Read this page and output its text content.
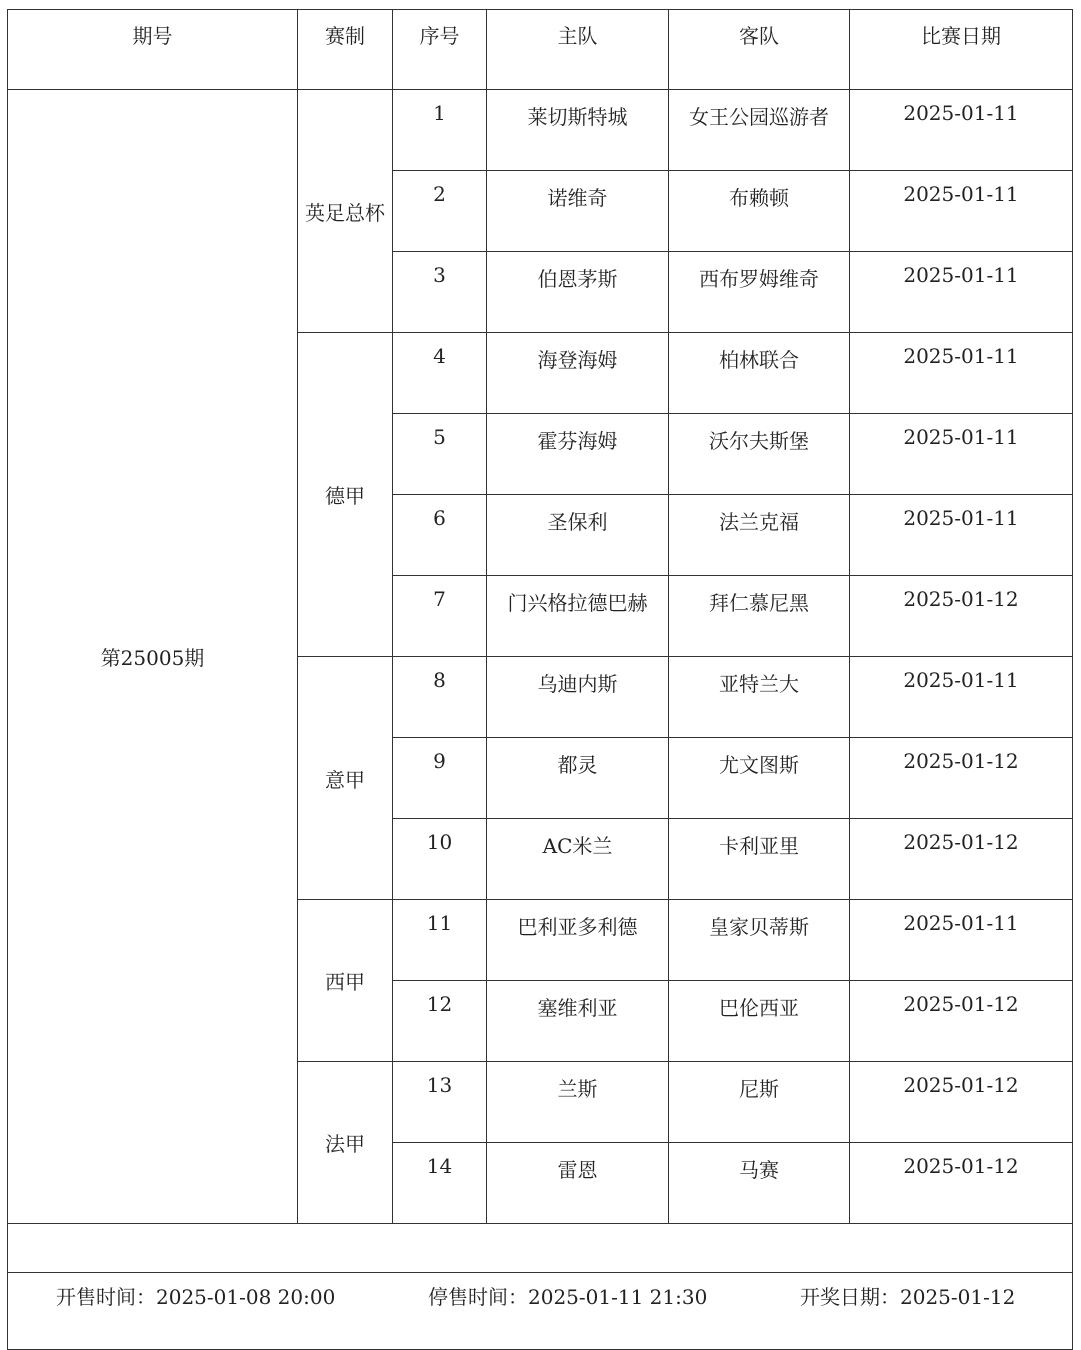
期号	赛制	序号	主队	客队	比赛日期
第25005期	英足总杯	1	莱切斯特城	女王公园巡游者	2025-01-11
		2	诺维奇	布赖顿	2025-01-11
		3	伯恩茅斯	西布罗姆维奇	2025-01-11
	德甲	4	海登海姆	柏林联合	2025-01-11
		5	霍芬海姆	沃尔夫斯堡	2025-01-11
		6	圣保利	法兰克福	2025-01-11
		7	门兴格拉德巴赫	拜仁慕尼黑	2025-01-12
	意甲	8	乌迪内斯	亚特兰大	2025-01-11
		9	都灵	尤文图斯	2025-01-12
		10	AC米兰	卡利亚里	2025-01-12
	西甲	11	巴利亚多利德	皇家贝蒂斯	2025-01-11
		12	塞维利亚	巴伦西亚	2025-01-12
	法甲	13	兰斯	尼斯	2025-01-12
		14	雷恩	马赛	2025-01-12

开售时间：2025-01-08 20:00 停售时间：2025-01-11 21:30 开奖日期：2025-01-12					
